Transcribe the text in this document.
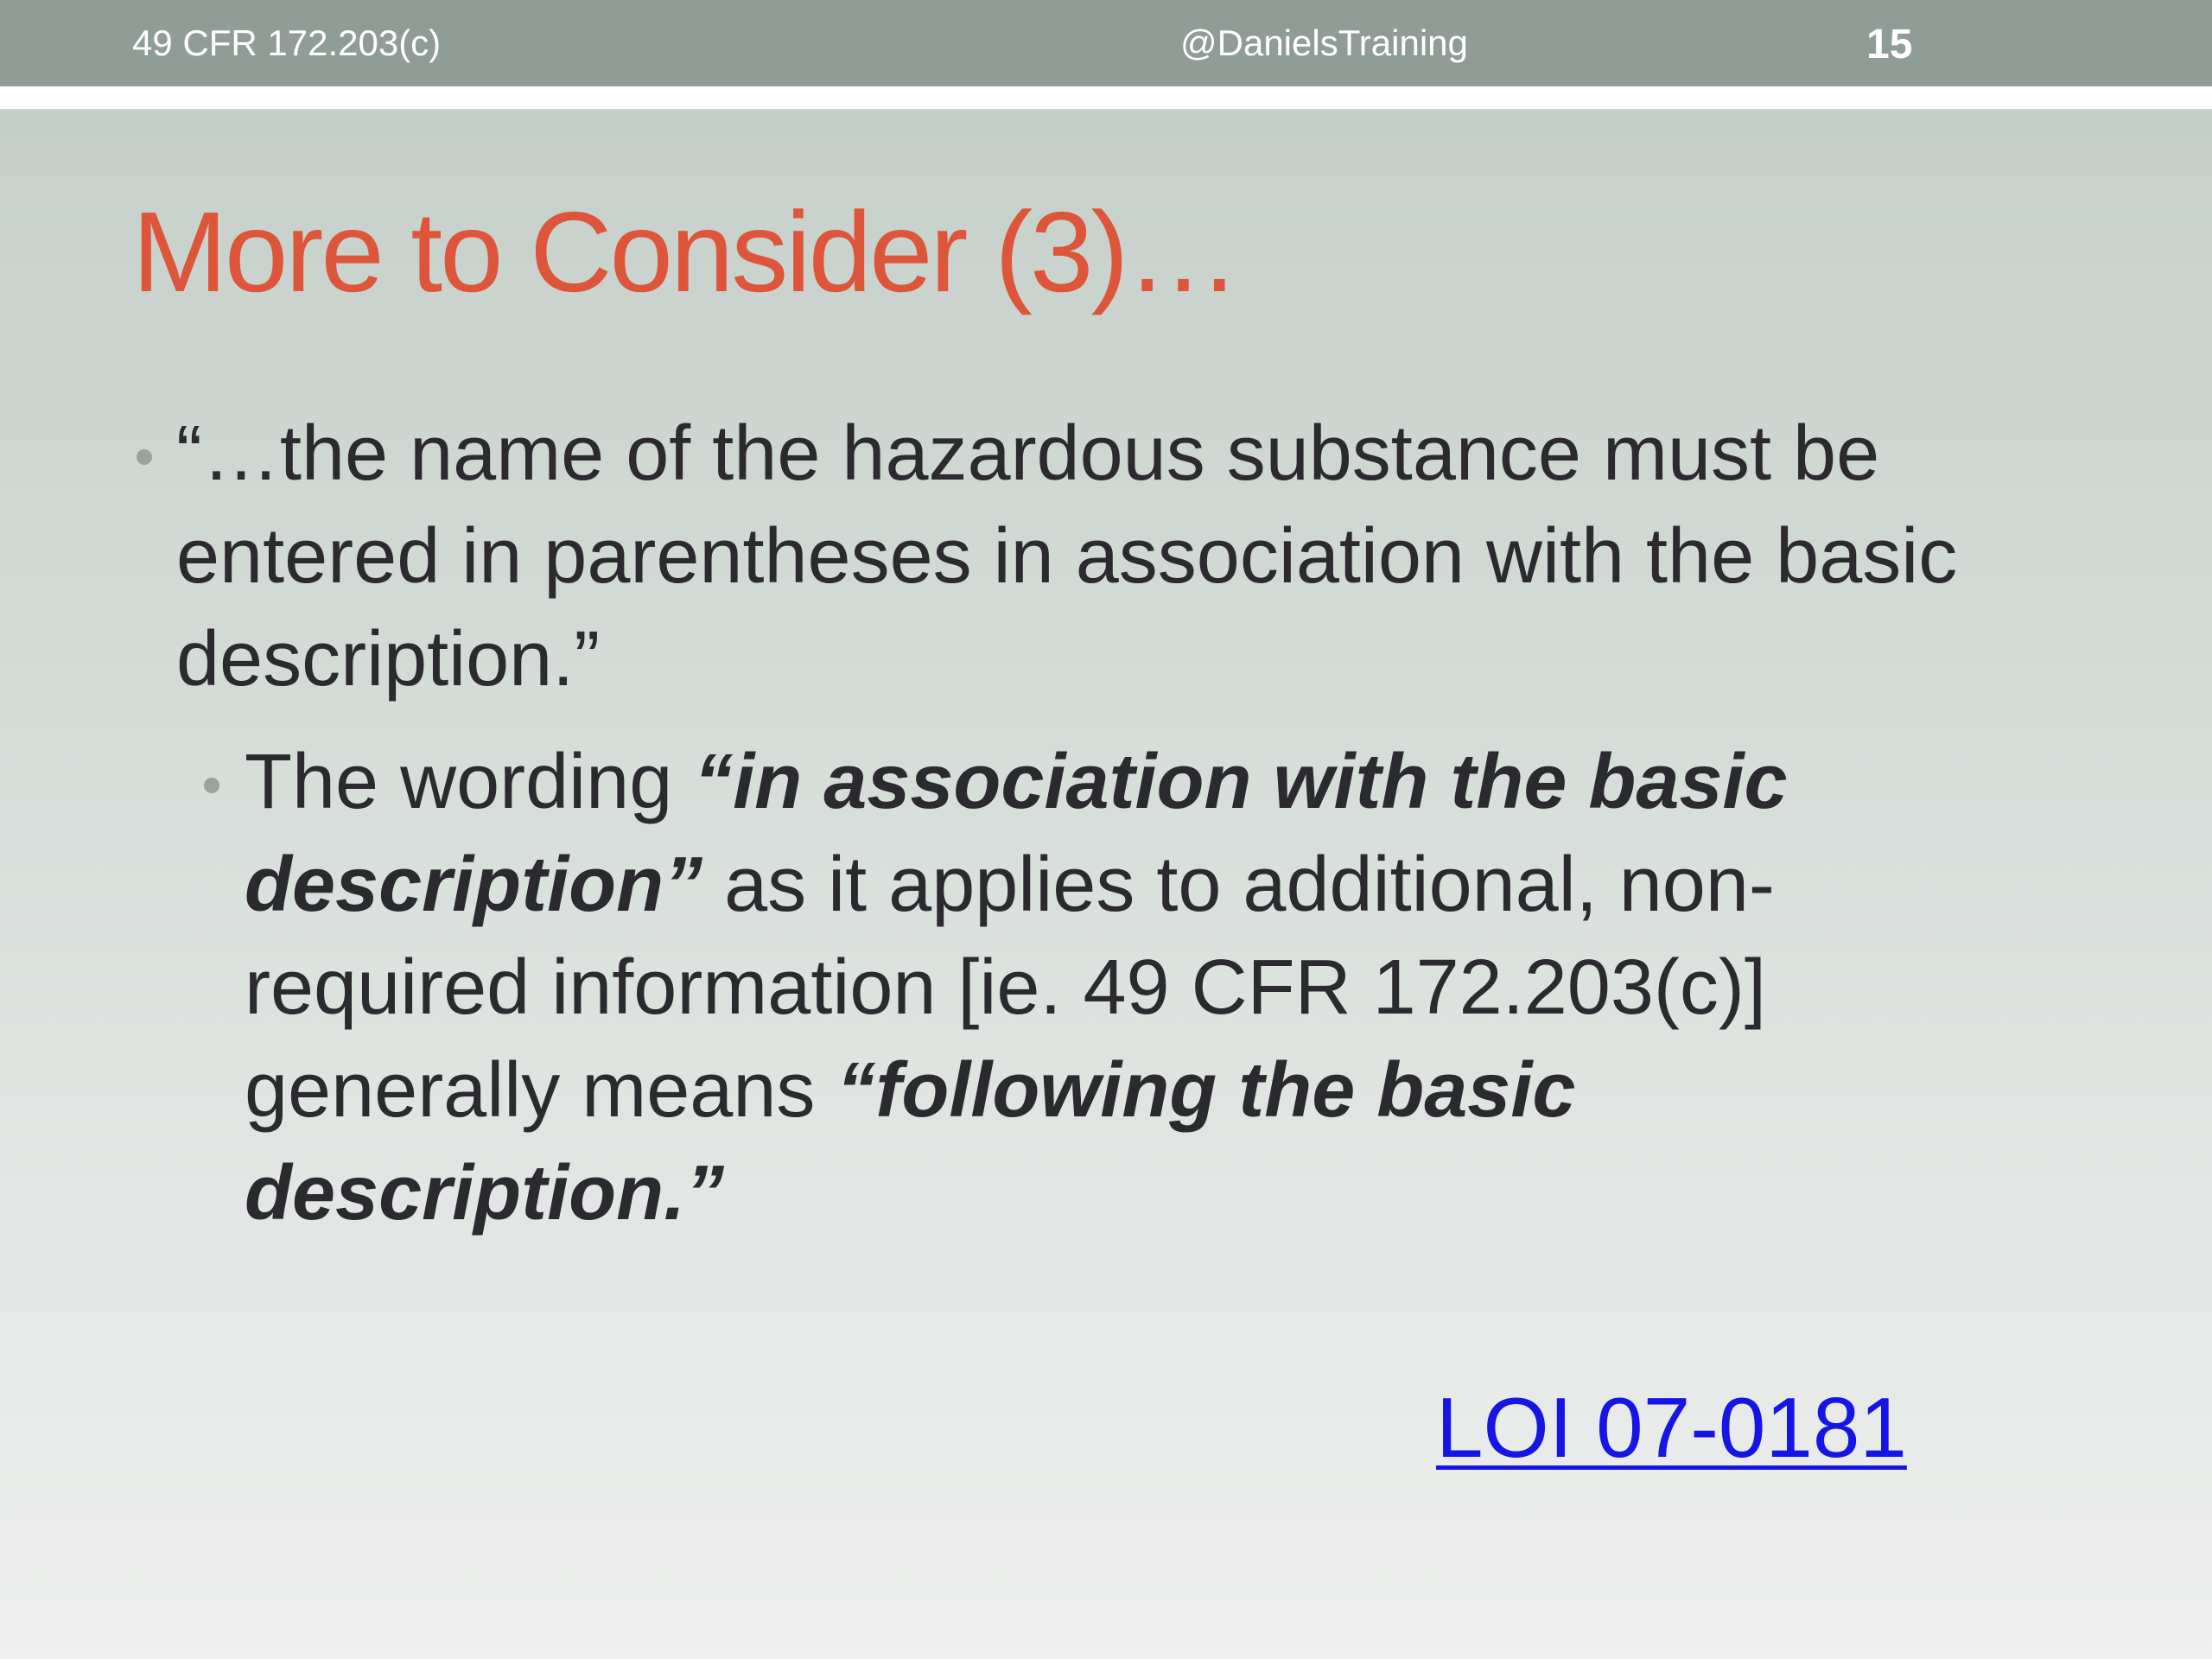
49 CFR 172.203(c)	@DanielsTraining	15
More to Consider (3)…
“…the name of the hazardous substance must be entered in parentheses in association with the basic description.”
The wording “in association with the basic description” as it applies to additional, non-required information [ie. 49 CFR 172.203(c)] generally means “following the basic description.”
LOI 07-0181
